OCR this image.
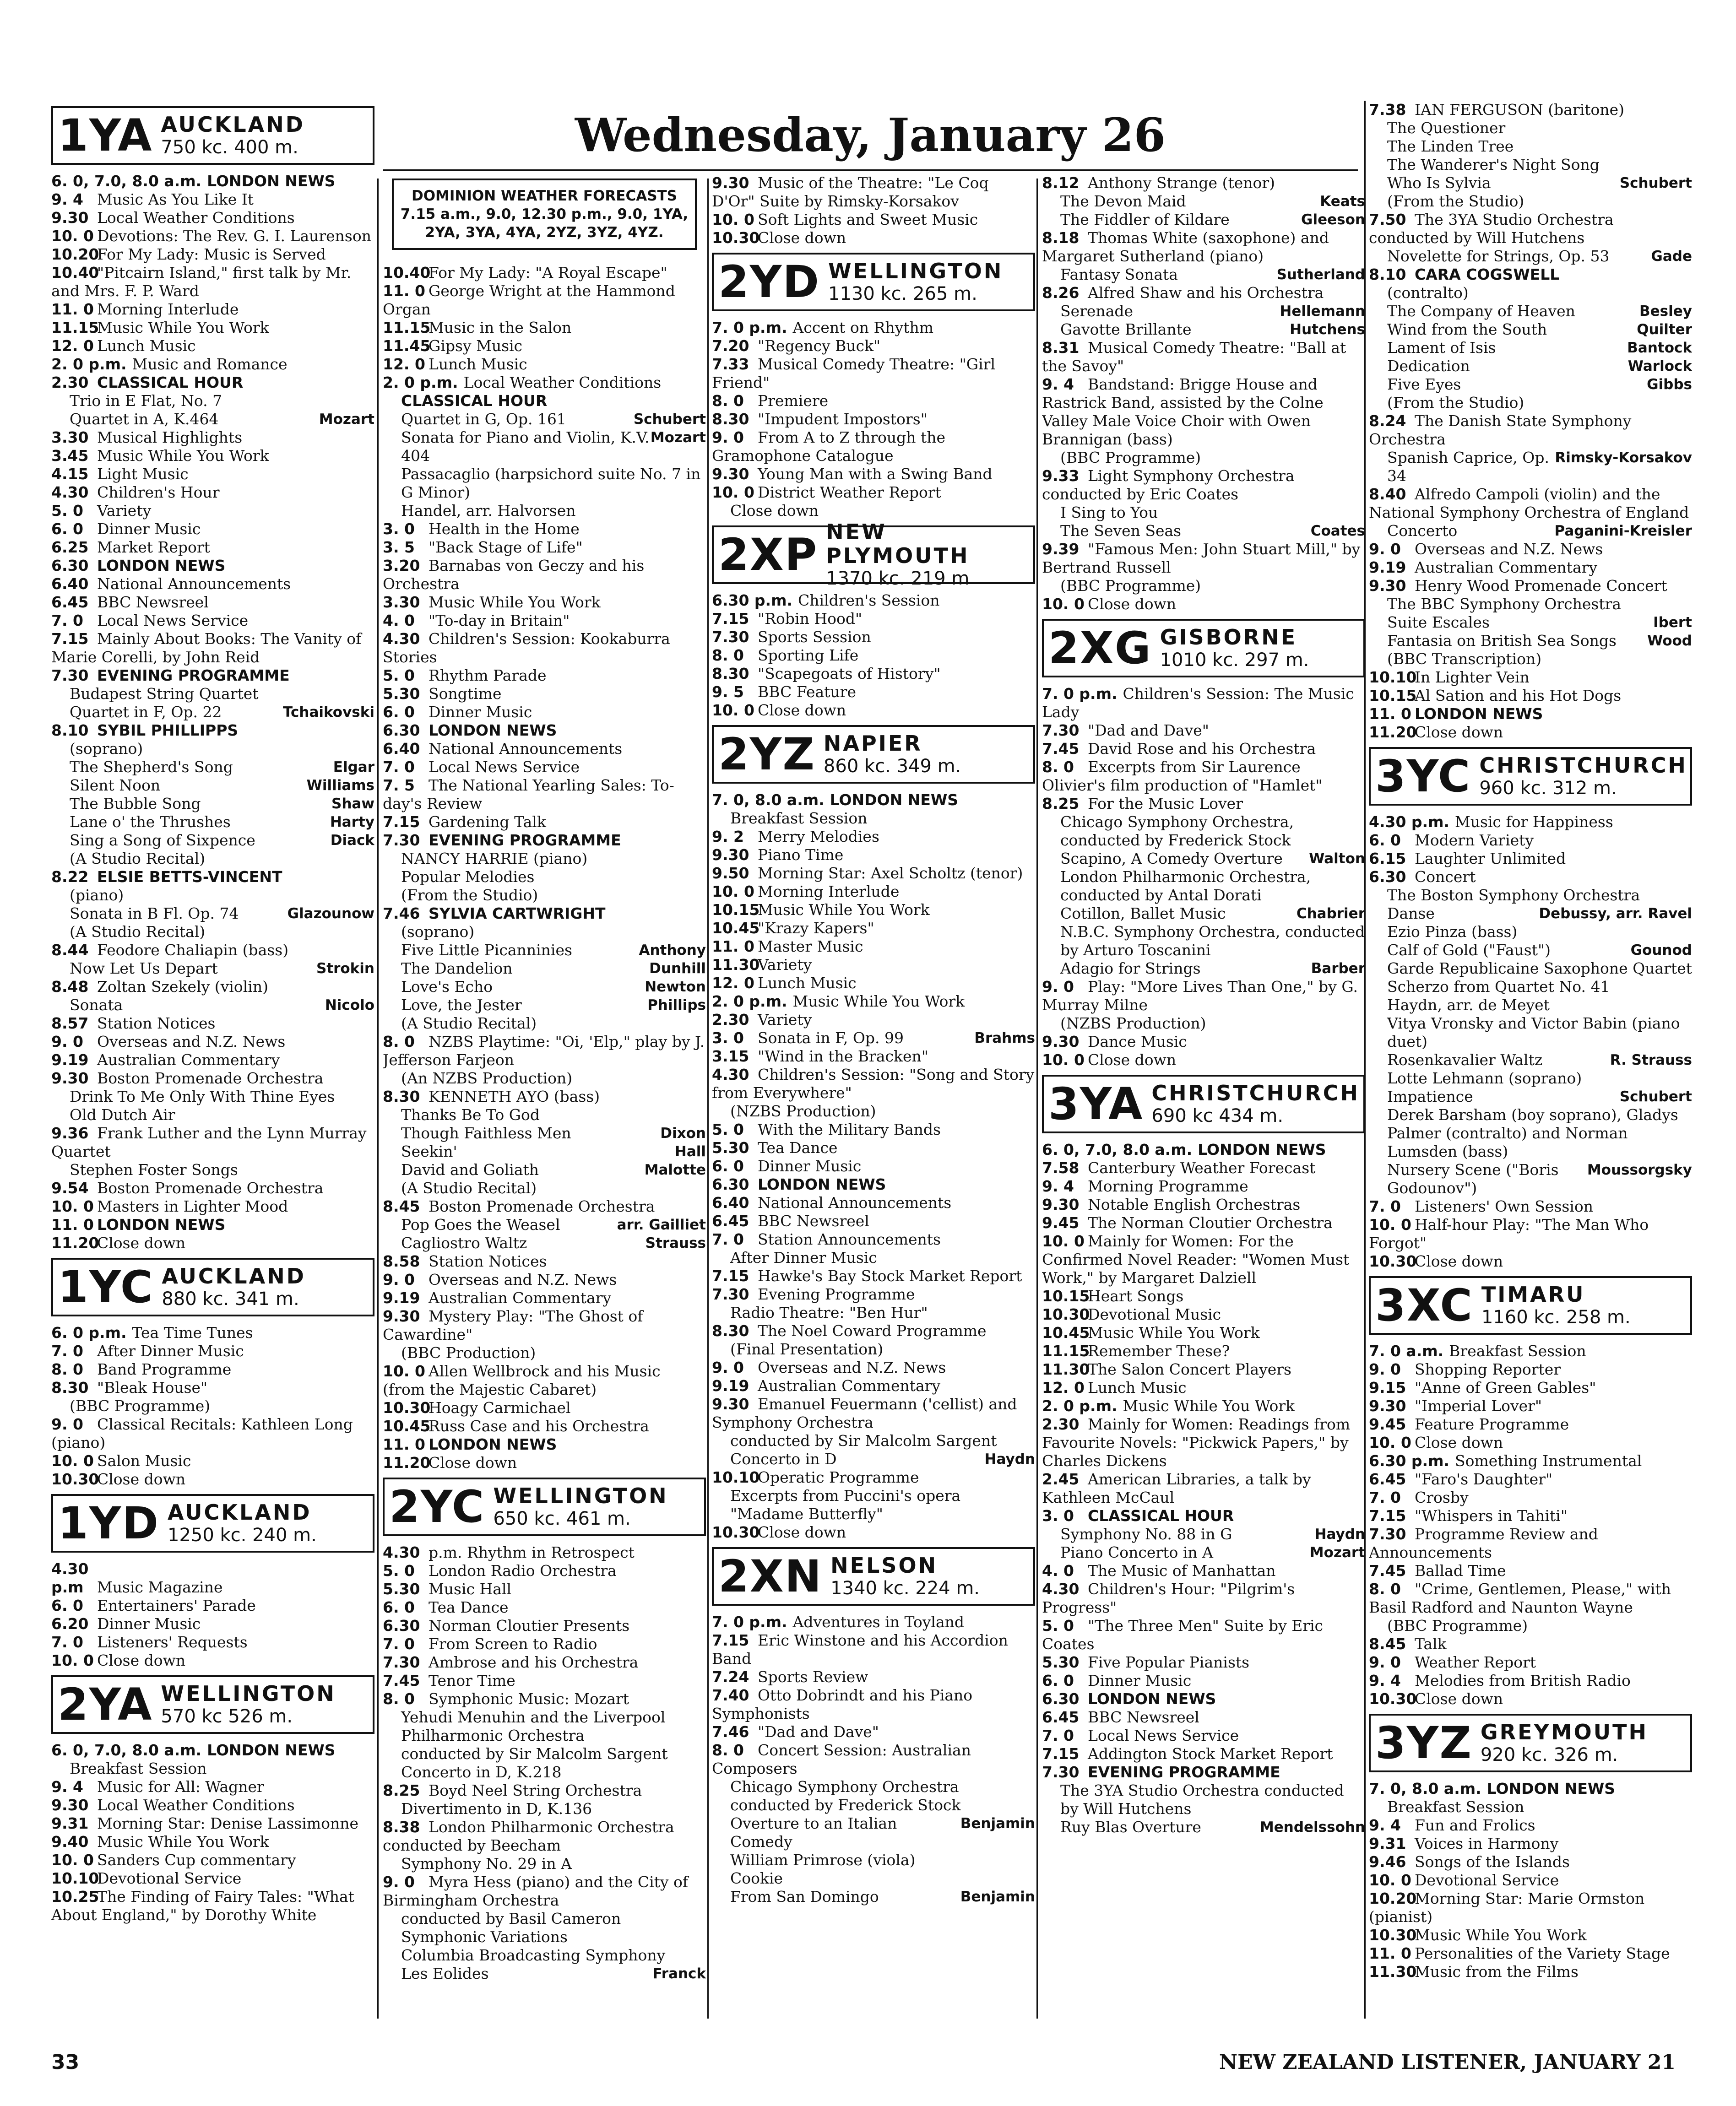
Wednesday, January 26
1YA AUCKLAND
750 kc. 400 m.
6. 0, 7.0, 8.0 a.m. LONDON NEWS
9. 4 Music As You Like It
9.30 Local Weather Conditions
10. 0 Devotions: The Rev. G. I. Laurenson
10.20For My Lady: Music is Served
10.40"Pitcairn Island," first talk by Mr. and Mrs. F. P. Ward
11. 0 Morning Interlude
11.15Music While You Work
12. 0 Lunch Music
2. 0 p.m. Music and Romance
2.30 CLASSICAL HOUR
Trio in E Flat, No. 7
Mozart
Quartet in A, K.464
3.30 Musical Highlights
3.45 Music While You Work
4.15 Light Music
4.30 Children's Hour
5. 0 Variety
6. 0 Dinner Music
6.25 Market Report
6.30 LONDON NEWS
6.40 National Announcements
6.45 BBC Newsreel
7. 0 Local News Service
7.15 Mainly About Books: The Vanity of Marie Corelli, by John Reid
7.30 EVENING PROGRAMME
Budapest String Quartet
Tchaikovski
Quartet in F, Op. 22
8.10 SYBIL PHILLIPPS
(soprano)
Elgar
The Shepherd's Song
Williams
Silent Noon
Shaw
The Bubble Song
Harty
Lane o' the Thrushes
Diack
Sing a Song of Sixpence
(A Studio Recital)
8.22 ELSIE BETTS-VINCENT
(piano)
Glazounow
Sonata in B Fl. Op. 74
(A Studio Recital)
8.44 Feodore Chaliapin (bass)
Strokin
Now Let Us Depart
8.48 Zoltan Szekely (violin)
Nicolo
Sonata
8.57 Station Notices
9. 0 Overseas and N.Z. News
9.19 Australian Commentary
9.30 Boston Promenade Orchestra
Drink To Me Only With Thine Eyes
Old Dutch Air
9.36 Frank Luther and the Lynn Murray Quartet
Stephen Foster Songs
9.54 Boston Promenade Orchestra
10. 0 Masters in Lighter Mood
11. 0 LONDON NEWS
11.20Close down
1YC AUCKLAND
880 kc. 341 m.
6. 0 p.m. Tea Time Tunes
7. 0 After Dinner Music
8. 0 Band Programme
8.30 "Bleak House"
(BBC Programme)
9. 0 Classical Recitals: Kathleen Long (piano)
10. 0 Salon Music
10.30Close down
1YD AUCKLAND
1250 kc. 240 m.
4.30 p.m Music Magazine
6. 0 Entertainers' Parade
6.20 Dinner Music
7. 0 Listeners' Requests
10. 0 Close down
2YA WELLINGTON
570 kc 526 m.
6. 0, 7.0, 8.0 a.m. LONDON NEWS
Breakfast Session
9. 4 Music for All: Wagner
9.30 Local Weather Conditions
9.31 Morning Star: Denise Lassimonne
9.40 Music While You Work
10. 0 Sanders Cup commentary
10.10Devotional Service
10.25The Finding of Fairy Tales: "What About England," by Dorothy White
DOMINION WEATHER FORECASTS
7.15 a.m., 9.0, 12.30 p.m., 9.0, 1YA, 2YA, 3YA, 4YA, 2YZ, 3YZ, 4YZ.
10.40For My Lady: "A Royal Escape"
11. 0 George Wright at the Hammond Organ
11.15Music in the Salon
11.45Gipsy Music
12. 0 Lunch Music
2. 0 p.m. Local Weather Conditions
CLASSICAL HOUR
Schubert
Quartet in G, Op. 161
Mozart
Sonata for Piano and Violin, K.V. 404
Passacaglio (harpsichord suite No. 7 in G Minor)
Handel, arr. Halvorsen
3. 0 Health in the Home
3. 5 "Back Stage of Life"
3.20 Barnabas von Geczy and his Orchestra
3.30 Music While You Work
4. 0 "To-day in Britain"
4.30 Children's Session: Kookaburra Stories
5. 0 Rhythm Parade
5.30 Songtime
6. 0 Dinner Music
6.30 LONDON NEWS
6.40 National Announcements
7. 0 Local News Service
7. 5 The National Yearling Sales: To-day's Review
7.15 Gardening Talk
7.30 EVENING PROGRAMME
NANCY HARRIE (piano)
Popular Melodies
(From the Studio)
7.46 SYLVIA CARTWRIGHT
(soprano)
Anthony
Five Little Picanninies
Dunhill
The Dandelion
Newton
Love's Echo
Phillips
Love, the Jester
(A Studio Recital)
8. 0 NZBS Playtime: "Oi, 'Elp," play by J. Jefferson Farjeon
(An NZBS Production)
8.30 KENNETH AYO (bass)
Thanks Be To God
Dixon
Though Faithless Men
Hall
Seekin'
Malotte
David and Goliath
(A Studio Recital)
8.45 Boston Promenade Orchestra
arr. Gailliet
Pop Goes the Weasel
Strauss
Cagliostro Waltz
8.58 Station Notices
9. 0 Overseas and N.Z. News
9.19 Australian Commentary
9.30 Mystery Play: "The Ghost of Cawardine"
(BBC Production)
10. 0 Allen Wellbrock and his Music (from the Majestic Cabaret)
10.30Hoagy Carmichael
10.45Russ Case and his Orchestra
11. 0 LONDON NEWS
11.20Close down
2YC WELLINGTON
650 kc. 461 m.
4.30 p.m. Rhythm in Retrospect
5. 0 London Radio Orchestra
5.30 Music Hall
6. 0 Tea Dance
6.30 Norman Cloutier Presents
7. 0 From Screen to Radio
7.30 Ambrose and his Orchestra
7.45 Tenor Time
8. 0 Symphonic Music: Mozart
Yehudi Menuhin and the Liverpool Philharmonic Orchestra
conducted by Sir Malcolm Sargent
Concerto in D, K.218
8.25 Boyd Neel String Orchestra
Divertimento in D, K.136
8.38 London Philharmonic Orchestra conducted by Beecham
Symphony No. 29 in A
9. 0 Myra Hess (piano) and the City of Birmingham Orchestra
conducted by Basil Cameron
Symphonic Variations
Columbia Broadcasting Symphony
Franck
Les Eolides
9.30 Music of the Theatre: "Le Coq D'Or" Suite by Rimsky-Korsakov
10. 0 Soft Lights and Sweet Music
10.30Close down
2YD WELLINGTON
1130 kc. 265 m.
7. 0 p.m. Accent on Rhythm
7.20 "Regency Buck"
7.33 Musical Comedy Theatre: "Girl Friend"
8. 0 Premiere
8.30 "Impudent Impostors"
9. 0 From A to Z through the Gramophone Catalogue
9.30 Young Man with a Swing Band
10. 0 District Weather Report
Close down
2XP NEW PLYMOUTH
1370 kc. 219 m
6.30 p.m. Children's Session
7.15 "Robin Hood"
7.30 Sports Session
8. 0 Sporting Life
8.30 "Scapegoats of History"
9. 5 BBC Feature
10. 0 Close down
2YZ NAPIER
860 kc. 349 m.
7. 0, 8.0 a.m. LONDON NEWS
Breakfast Session
9. 2 Merry Melodies
9.30 Piano Time
9.50 Morning Star: Axel Scholtz (tenor)
10. 0 Morning Interlude
10.15Music While You Work
10.45"Krazy Kapers"
11. 0 Master Music
11.30Variety
12. 0 Lunch Music
2. 0 p.m. Music While You Work
2.30 Variety
3. 0	Brahms
Sonata in F, Op. 99
3.15 "Wind in the Bracken"
4.30 Children's Session: "Song and Story from Everywhere"
(NZBS Production)
5. 0 With the Military Bands
5.30 Tea Dance
6. 0 Dinner Music
6.30 LONDON NEWS
6.40 National Announcements
6.45 BBC Newsreel
7. 0 Station Announcements
After Dinner Music
7.15 Hawke's Bay Stock Market Report
7.30 Evening Programme
Radio Theatre: "Ben Hur"
8.30 The Noel Coward Programme
(Final Presentation)
9. 0 Overseas and N.Z. News
9.19 Australian Commentary
9.30 Emanuel Feuermann ('cellist) and Symphony Orchestra
conducted by Sir Malcolm Sargent
Haydn
Concerto in D
10.10Operatic Programme
Excerpts from Puccini's opera "Madame Butterfly"
10.30Close down
2XN NELSON
1340 kc. 224 m.
7. 0 p.m. Adventures in Toyland
7.15 Eric Winstone and his Accordion Band
7.24 Sports Review
7.40 Otto Dobrindt and his Piano Symphonists
7.46 "Dad and Dave"
8. 0 Concert Session: Australian Composers
Chicago Symphony Orchestra conducted by Frederick Stock
Benjamin
Overture to an Italian Comedy
William Primrose (viola)
Cookie
Benjamin
From San Domingo
8.12 Anthony Strange (tenor)
Keats
The Devon Maid
Gleeson
The Fiddler of Kildare
8.18 Thomas White (saxophone) and Margaret Sutherland (piano)
Sutherland
Fantasy Sonata
8.26 Alfred Shaw and his Orchestra
Hellemann
Serenade
Hutchens
Gavotte Brillante
8.31 Musical Comedy Theatre: "Ball at the Savoy"
9. 4 Bandstand: Brigge House and Rastrick Band, assisted by the Colne Valley Male Voice Choir with Owen Brannigan (bass)
(BBC Programme)
9.33 Light Symphony Orchestra conducted by Eric Coates
I Sing to You
Coates
The Seven Seas
9.39 "Famous Men: John Stuart Mill," by Bertrand Russell
(BBC Programme)
10. 0 Close down
2XG GISBORNE
1010 kc. 297 m.
7. 0 p.m. Children's Session: The Music Lady
7.30 "Dad and Dave"
7.45 David Rose and his Orchestra
8. 0 Excerpts from Sir Laurence Olivier's film production of "Hamlet"
8.25 For the Music Lover
Chicago Symphony Orchestra, conducted by Frederick Stock
Walton
Scapino, A Comedy Overture
London Philharmonic Orchestra, conducted by Antal Dorati
Chabrier
Cotillon, Ballet Music
N.B.C. Symphony Orchestra, conducted by Arturo Toscanini
Barber
Adagio for Strings
9. 0 Play: "More Lives Than One," by G. Murray Milne
(NZBS Production)
9.30 Dance Music
10. 0 Close down
3YA CHRISTCHURCH
690 kc 434 m.
6. 0, 7.0, 8.0 a.m. LONDON NEWS
7.58 Canterbury Weather Forecast
9. 4 Morning Programme
9.30 Notable English Orchestras
9.45 The Norman Cloutier Orchestra
10. 0 Mainly for Women: For the Confirmed Novel Reader: "Women Must Work," by Margaret Dalziell
10.15Heart Songs
10.30Devotional Music
10.45Music While You Work
11.15Remember These?
11.30The Salon Concert Players
12. 0 Lunch Music
2. 0 p.m. Music While You Work
2.30 Mainly for Women: Readings from Favourite Novels: "Pickwick Papers," by Charles Dickens
2.45 American Libraries, a talk by Kathleen McCaul
3. 0 CLASSICAL HOUR
Haydn
Symphony No. 88 in G
Mozart
Piano Concerto in A
4. 0 The Music of Manhattan
4.30 Children's Hour: "Pilgrim's Progress"
5. 0 "The Three Men" Suite by Eric Coates
5.30 Five Popular Pianists
6. 0 Dinner Music
6.30 LONDON NEWS
6.45 BBC Newsreel
7. 0 Local News Service
7.15 Addington Stock Market Report
7.30 EVENING PROGRAMME
The 3YA Studio Orchestra conducted by Will Hutchens
Mendelssohn
Ruy Blas Overture
7.38 IAN FERGUSON (baritone)
The Questioner
The Linden Tree
The Wanderer's Night Song
Schubert
Who Is Sylvia
(From the Studio)
7.50 The 3YA Studio Orchestra conducted by Will Hutchens
Gade
Novelette for Strings, Op. 53
8.10 CARA COGSWELL
(contralto)
Besley
The Company of Heaven
Quilter
Wind from the South
Bantock
Lament of Isis
Warlock
Dedication
Gibbs
Five Eyes
(From the Studio)
8.24 The Danish State Symphony Orchestra
Rimsky-Korsakov
Spanish Caprice, Op. 34
8.40 Alfredo Campoli (violin) and the National Symphony Orchestra of England
Paganini-Kreisler
Concerto
9. 0 Overseas and N.Z. News
9.19 Australian Commentary
9.30 Henry Wood Promenade Concert
The BBC Symphony Orchestra
Ibert
Suite Escales
Wood
Fantasia on British Sea Songs
(BBC Transcription)
10.10In Lighter Vein
10.15Al Sation and his Hot Dogs
11. 0 LONDON NEWS
11.20Close down
3YC CHRISTCHURCH
960 kc. 312 m.
4.30 p.m. Music for Happiness
6. 0 Modern Variety
6.15 Laughter Unlimited
6.30 Concert
The Boston Symphony Orchestra
Debussy, arr. Ravel
Danse
Ezio Pinza (bass)
Gounod
Calf of Gold ("Faust")
Garde Republicaine Saxophone Quartet
Scherzo from Quartet No. 41
Haydn, arr. de Meyet
Vitya Vronsky and Victor Babin (piano duet)
R. Strauss
Rosenkavalier Waltz
Lotte Lehmann (soprano)
Schubert
Impatience
Derek Barsham (boy soprano), Gladys Palmer (contralto) and Norman Lumsden (bass)
Moussorgsky
Nursery Scene ("Boris Godounov")
7. 0 Listeners' Own Session
10. 0 Half-hour Play: "The Man Who Forgot"
10.30Close down
3XC TIMARU
1160 kc. 258 m.
7. 0 a.m. Breakfast Session
9. 0 Shopping Reporter
9.15 "Anne of Green Gables"
9.30 "Imperial Lover"
9.45 Feature Programme
10. 0 Close down
6.30 p.m. Something Instrumental
6.45 "Faro's Daughter"
7. 0 Crosby
7.15 "Whispers in Tahiti"
7.30 Programme Review and Announcements
7.45 Ballad Time
8. 0 "Crime, Gentlemen, Please," with Basil Radford and Naunton Wayne
(BBC Programme)
8.45 Talk
9. 0 Weather Report
9. 4 Melodies from British Radio
10.30Close down
3YZ GREYMOUTH
920 kc. 326 m.
7. 0, 8.0 a.m. LONDON NEWS
Breakfast Session
9. 4 Fun and Frolics
9.31 Voices in Harmony
9.46 Songs of the Islands
10. 0 Devotional Service
10.20Morning Star: Marie Ormston (pianist)
10.30Music While You Work
11. 0 Personalities of the Variety Stage
11.30Music from the Films
33	NEW ZEALAND LISTENER, JANUARY 21
